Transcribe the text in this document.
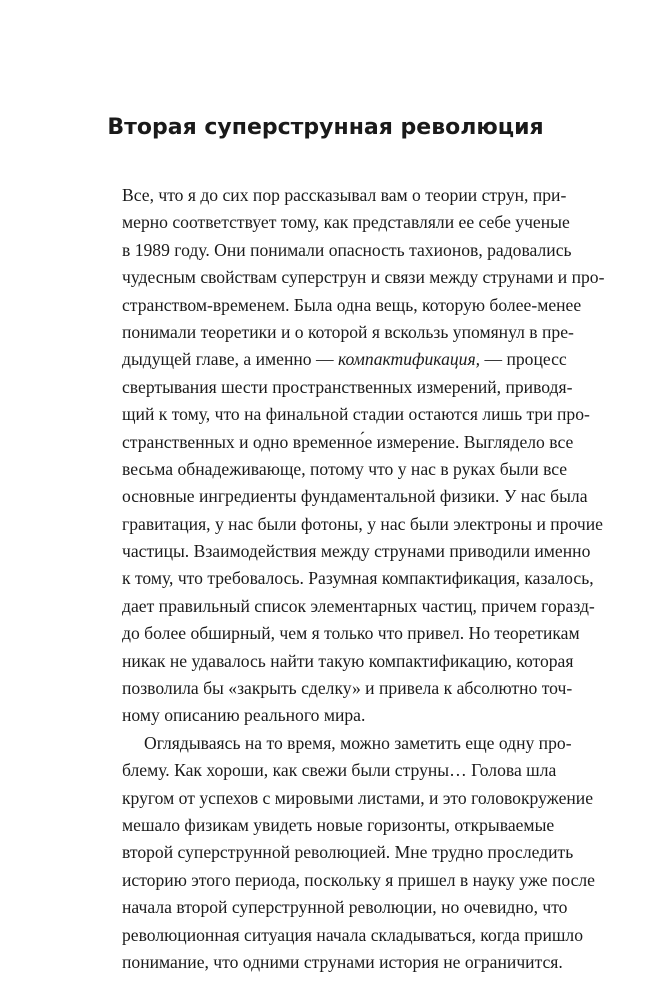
Вторая суперструнная революция
Все, что я до сих пор рассказывал вам о теории струн, при-
мерно соответствует тому, как представляли ее себе ученые
в 1989 году. Они понимали опасность тахионов, радовались
чудесным свойствам суперструн и связи между струнами и про-
странством-временем. Была одна вещь, которую более-менее
понимали теоретики и о которой я вскользь упомянул в пре-
дыдущей главе, а именно — компактификация, — процесс
свертывания шести пространственных измерений, приводя-
щий к тому, что на финальной стадии остаются лишь три про-
странственных и одно временно́е измерение. Выглядело все
весьма обнадеживающе, потому что у нас в руках были все
основные ингредиенты фундаментальной физики. У нас была
гравитация, у нас были фотоны, у нас были электроны и прочие
частицы. Взаимодействия между струнами приводили именно
к тому, что требовалось. Разумная компактификация, казалось,
дает правильный список элементарных частиц, причем горазд-
до более обширный, чем я только что привел. Но теоретикам
никак не удавалось найти такую компактификацию, которая
позволила бы «закрыть сделку» и привела к абсолютно точ-
ному описанию реального мира.
Оглядываясь на то время, можно заметить еще одну про-
блему. Как хороши, как свежи были струны… Голова шла
кругом от успехов с мировыми листами, и это головокружение
мешало физикам увидеть новые горизонты, открываемые
второй суперструнной революцией. Мне трудно проследить
историю этого периода, поскольку я пришел в науку уже после
начала второй суперструнной революции, но очевидно, что
революционная ситуация начала складываться, когда пришло
понимание, что одними струнами история не ограничится.
